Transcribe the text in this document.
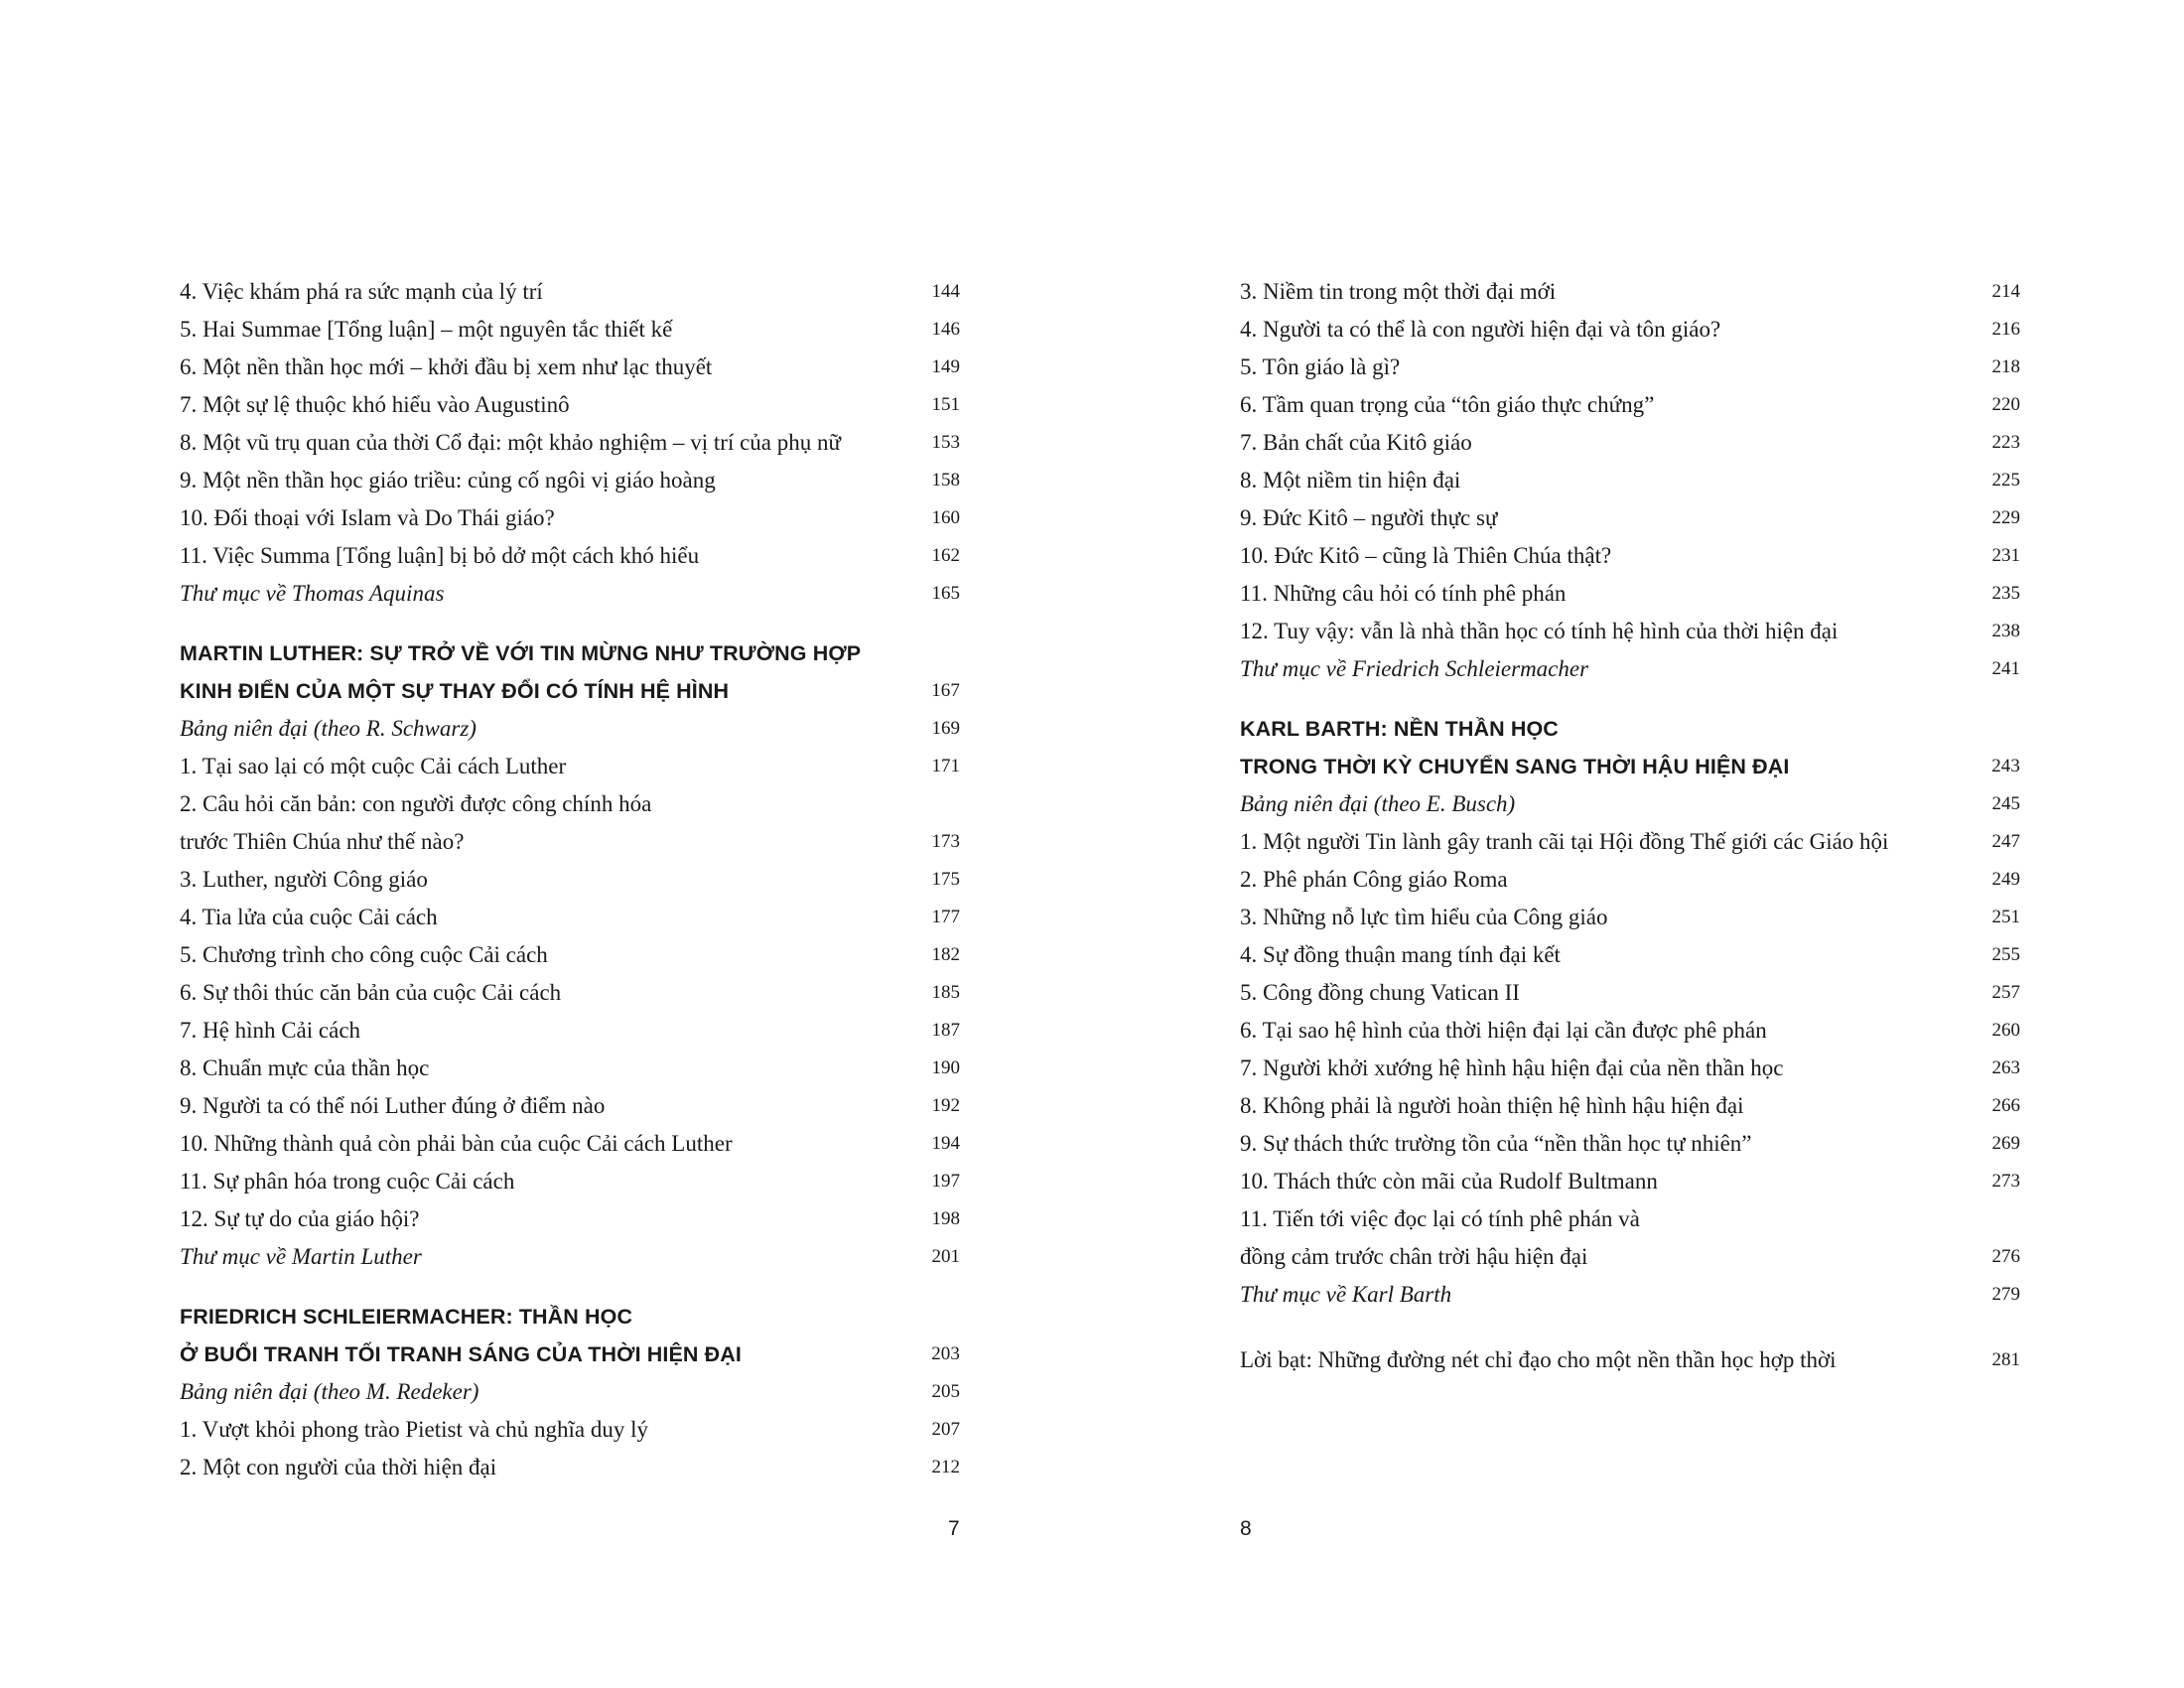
4. Việc khám phá ra sức mạnh của lý trí	144
5. Hai Summae [Tổng luận] – một nguyên tắc thiết kế	146
6. Một nền thần học mới – khởi đầu bị xem như lạc thuyết	149
7. Một sự lệ thuộc khó hiểu vào Augustinô	151
8. Một vũ trụ quan của thời Cổ đại: một khảo nghiệm – vị trí của phụ nữ	153
9. Một nền thần học giáo triều: củng cố ngôi vị giáo hoàng	158
10. Đối thoại với Islam và Do Thái giáo?	160
11. Việc Summa [Tổng luận] bị bỏ dở một cách khó hiểu	162
Thư mục về Thomas Aquinas	165
MARTIN LUTHER: SỰ TRỞ VỀ VỚI TIN MỪNG NHƯ TRƯỜNG HỢP
KINH ĐIỂN CỦA MỘT SỰ THAY ĐỔI CÓ TÍNH HỆ HÌNH	167
Bảng niên đại (theo R. Schwarz)	169
1. Tại sao lại có một cuộc Cải cách Luther	171
2. Câu hỏi căn bản: con người được công chính hóa
trước Thiên Chúa như thế nào?	173
3. Luther, người Công giáo	175
4. Tia lửa của cuộc Cải cách	177
5. Chương trình cho công cuộc Cải cách	182
6. Sự thôi thúc căn bản của cuộc Cải cách	185
7. Hệ hình Cải cách	187
8. Chuẩn mực của thần học	190
9. Người ta có thể nói Luther đúng ở điểm nào	192
10. Những thành quả còn phải bàn của cuộc Cải cách Luther	194
11. Sự phân hóa trong cuộc Cải cách	197
12. Sự tự do của giáo hội?	198
Thư mục về Martin Luther	201
FRIEDRICH SCHLEIERMACHER: THẦN HỌC
Ở BUỔI TRANH TỐI TRANH SÁNG CỦA THỜI HIỆN ĐẠI	203
Bảng niên đại (theo M. Redeker)	205
1. Vượt khỏi phong trào Pietist và chủ nghĩa duy lý	207
2. Một con người của thời hiện đại	212
7
3. Niềm tin trong một thời đại mới	214
4. Người ta có thể là con người hiện đại và tôn giáo?	216
5. Tôn giáo là gì?	218
6. Tầm quan trọng của “tôn giáo thực chứng”	220
7. Bản chất của Kitô giáo	223
8. Một niềm tin hiện đại	225
9. Đức Kitô – người thực sự	229
10. Đức Kitô – cũng là Thiên Chúa thật?	231
11. Những câu hỏi có tính phê phán	235
12. Tuy vậy: vẫn là nhà thần học có tính hệ hình của thời hiện đại	238
Thư mục về Friedrich Schleiermacher	241
KARL BARTH: NỀN THẦN HỌC
TRONG THỜI KỲ CHUYỂN SANG THỜI HẬU HIỆN ĐẠI	243
Bảng niên đại (theo E. Busch)	245
1. Một người Tin lành gây tranh cãi tại Hội đồng Thế giới các Giáo hội	247
2. Phê phán Công giáo Roma	249
3. Những nỗ lực tìm hiểu của Công giáo	251
4. Sự đồng thuận mang tính đại kết	255
5. Công đồng chung Vatican II	257
6. Tại sao hệ hình của thời hiện đại lại cần được phê phán	260
7. Người khởi xướng hệ hình hậu hiện đại của nền thần học	263
8. Không phải là người hoàn thiện hệ hình hậu hiện đại	266
9. Sự thách thức trường tồn của “nền thần học tự nhiên”	269
10. Thách thức còn mãi của Rudolf Bultmann	273
11. Tiến tới việc đọc lại có tính phê phán và
đồng cảm trước chân trời hậu hiện đại	276
Thư mục về Karl Barth	279
Lời bạt: Những đường nét chỉ đạo cho một nền thần học hợp thời	281
8
